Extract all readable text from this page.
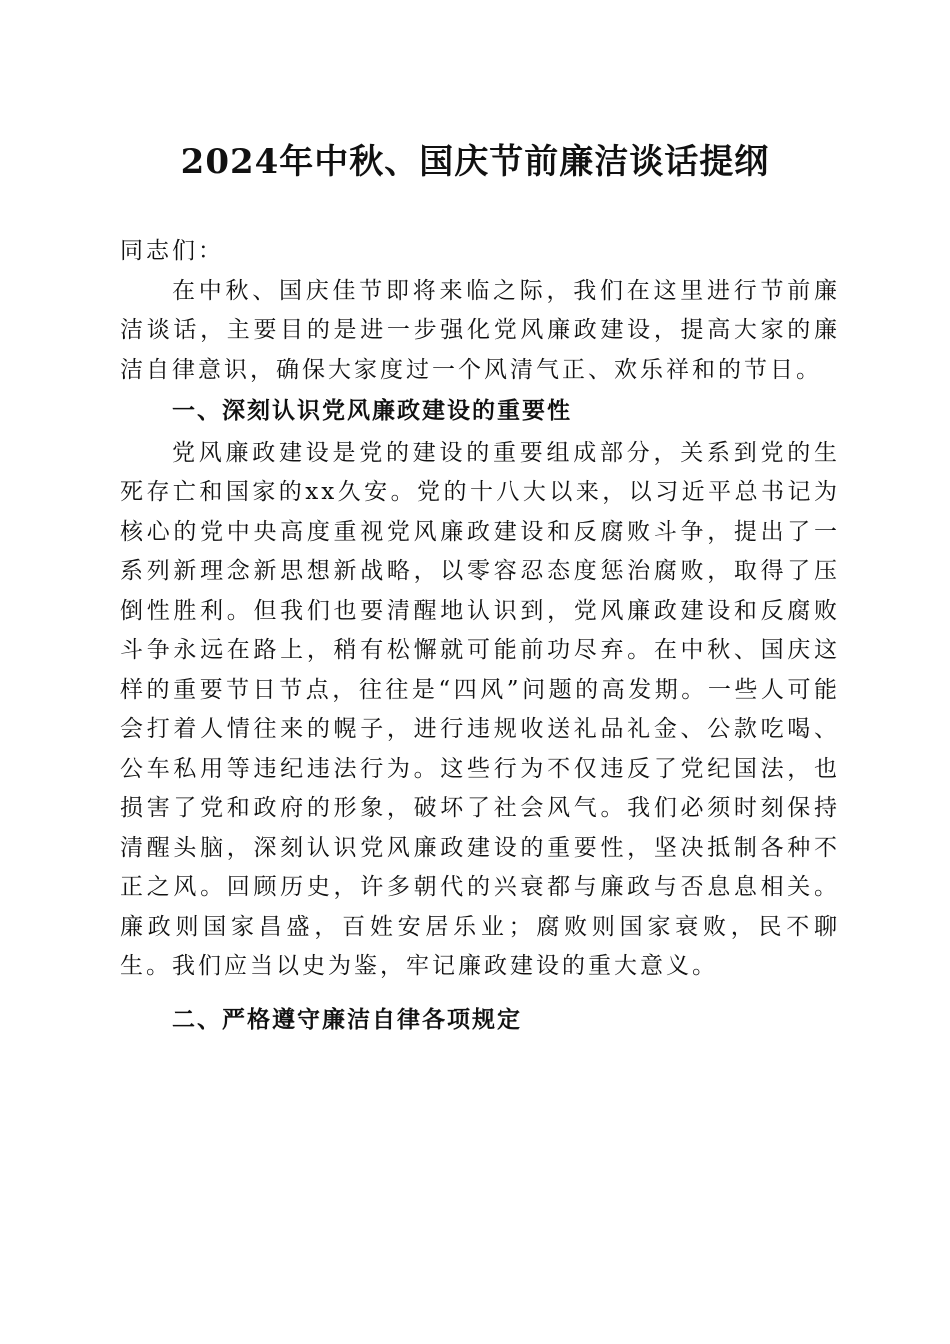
2024年中秋、国庆节前廉洁谈话提纲

同志们：

在中秋、国庆佳节即将来临之际，我们在这里进行节前廉洁谈话，主要目的是进一步强化党风廉政建设，提高大家的廉洁自律意识，确保大家度过一个风清气正、欢乐祥和的节日。

一、深刻认识党风廉政建设的重要性

党风廉政建设是党的建设的重要组成部分，关系到党的生死存亡和国家的xx久安。党的十八大以来，以习近平总书记为核心的党中央高度重视党风廉政建设和反腐败斗争，提出了一系列新理念新思想新战略，以零容忍态度惩治腐败，取得了压倒性胜利。但我们也要清醒地认识到，党风廉政建设和反腐败斗争永远在路上，稍有松懈就可能前功尽弃。在中秋、国庆这样的重要节日节点，往往是“四风”问题的高发期。一些人可能会打着人情往来的幌子，进行违规收送礼品礼金、公款吃喝、公车私用等违纪违法行为。这些行为不仅违反了党纪国法，也损害了党和政府的形象，破坏了社会风气。我们必须时刻保持清醒头脑，深刻认识党风廉政建设的重要性，坚决抵制各种不正之风。回顾历史，许多朝代的兴衰都与廉政与否息息相关。廉政则国家昌盛，百姓安居乐业；腐败则国家衰败，民不聊生。我们应当以史为鉴，牢记廉政建设的重大意义。

二、严格遵守廉洁自律各项规定
